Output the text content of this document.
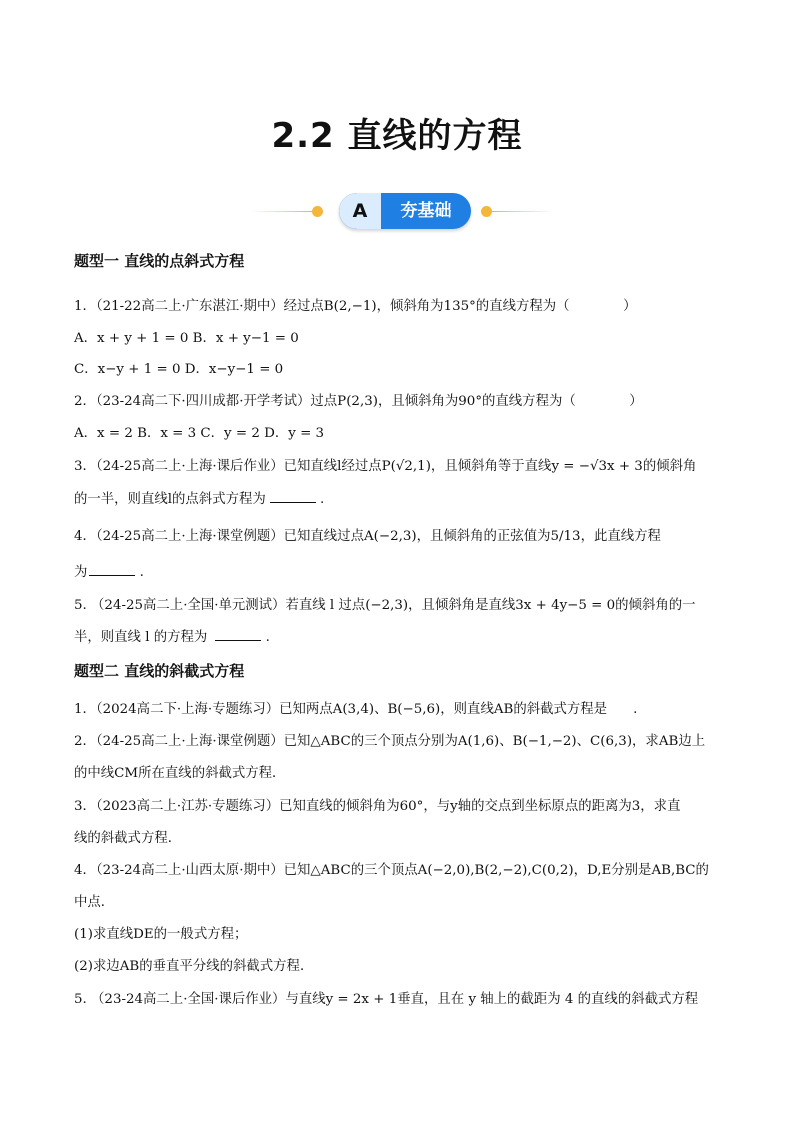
2.2 直线的方程
A	夯基础
题型一 直线的点斜式方程
1．（21-22高二上·广东湛江·期中）经过点B(2,−1)，倾斜角为135°的直线方程为（　　　　）
A．x + y + 1 = 0 B．x + y−1 = 0
C．x−y + 1 = 0 D．x−y−1 = 0
2．（23-24高二下·四川成都·开学考试）过点P(2,3)，且倾斜角为90°的直线方程为（　　　　）
A．x = 2 B．x = 3 C．y = 2 D．y = 3
3．（24-25高二上·上海·课后作业）已知直线l经过点P(√2,1)，且倾斜角等于直线y = −√3x + 3的倾斜角
的一半，则直线l的点斜式方程为	.
4．（24-25高二上·上海·课堂例题）已知直线过点A(−2,3)，且倾斜角的正弦值为5/13，此直线方程
为	.
5. （24-25高二上·全国·单元测试）若直线 l 过点(−2,3)，且倾斜角是直线3x + 4y−5 = 0的倾斜角的一
半，则直线 l 的方程为	.
题型二 直线的斜截式方程
1．（2024高二下·上海·专题练习）已知两点A(3,4)、B(−5,6)，则直线AB的斜截式方程是 .
2．（24-25高二上·上海·课堂例题）已知△ABC的三个顶点分别为A(1,6)、B(−1,−2)、C(6,3)，求AB边上
的中线CM所在直线的斜截式方程．
3．（2023高二上·江苏·专题练习）已知直线的倾斜角为60°，与y轴的交点到坐标原点的距离为3，求直
线的斜截式方程．
4．（23-24高二上·山西太原·期中）已知△ABC的三个顶点A(−2,0),B(2,−2),C(0,2)，D,E分别是AB,BC的
中点．
(1)求直线DE的一般式方程；
(2)求边AB的垂直平分线的斜截式方程．
5. （23-24高二上·全国·课后作业）与直线y = 2x + 1垂直，且在 y 轴上的截距为 4 的直线的斜截式方程
